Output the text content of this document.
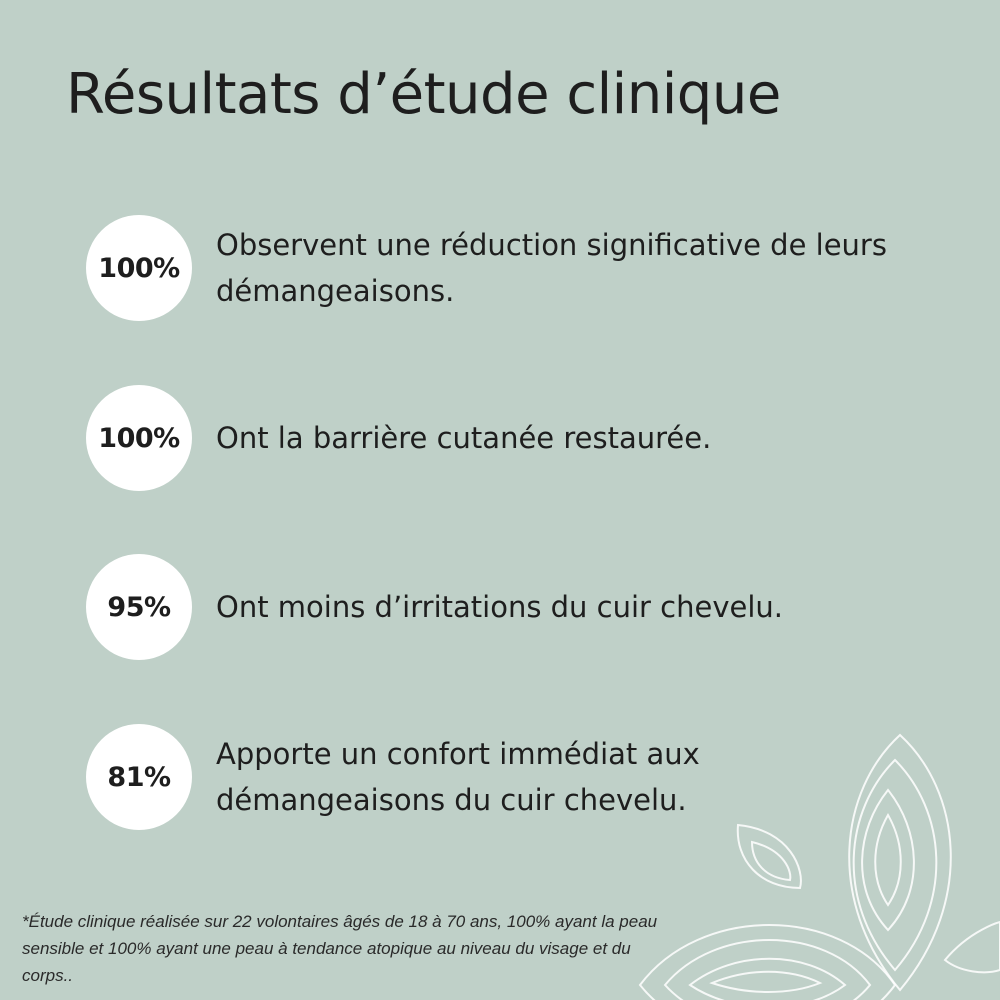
Résultats d’étude clinique
100%
Observent une réduction significative de leurs démangeaisons.
100% Ont la barrière cutanée restaurée.
95% Ont moins d’irritations du cuir chevelu.
81%
Apporte un confort immédiat aux démangeaisons du cuir chevelu.
*Étude clinique réalisée sur 22 volontaires âgés de 18 à 70 ans, 100% ayant la peau sensible et 100% ayant une peau à tendance atopique au niveau du visage et du corps..
